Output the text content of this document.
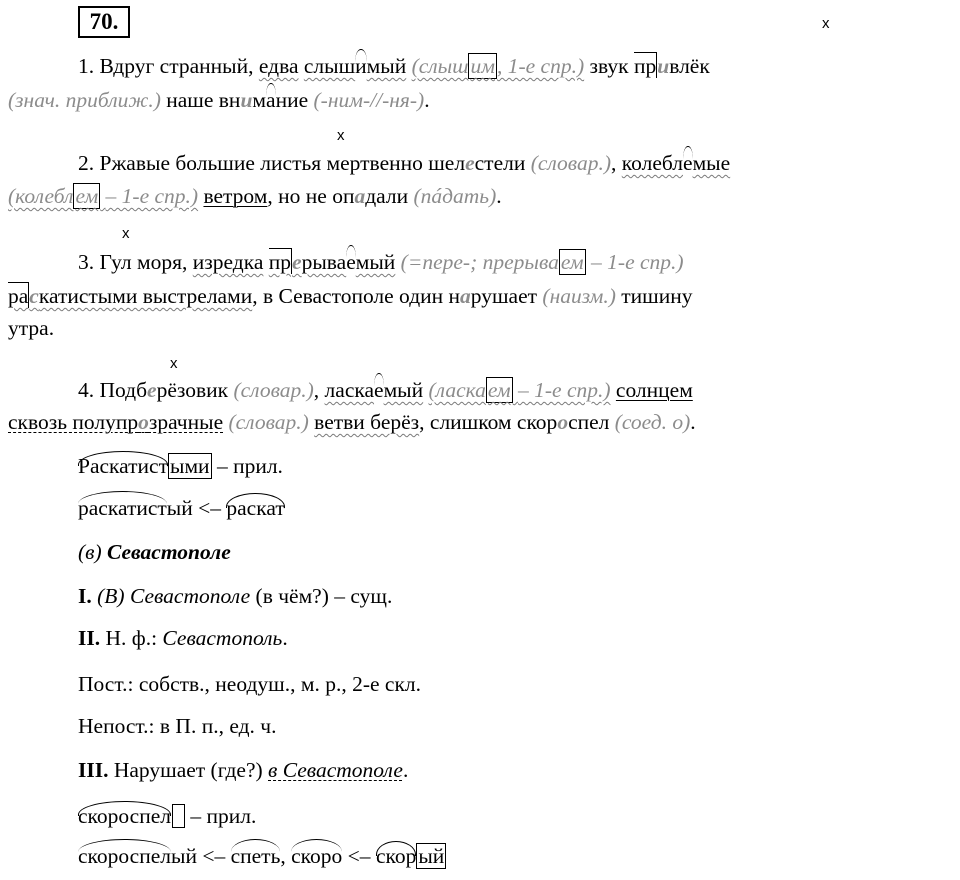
70.	x
1. Вдруг странный, едва слышимый (слышим, 1-е спр.) звук привлёк
(знач. приближ.) наше внимание (-ним-//-ня-).
x
2. Ржавые большие листья мертвенно шелестели (словар.), колеблемые
(колеблем – 1-е спр.) ветром, но не опадали (пáдать).
x
3. Гул моря, изредка прерываемый (=пере-; прерываем – 1-е спр.)
раскатистыми выстрелами, в Севастополе один нарушает (наизм.) тишину
утра.
x
4. Подберёзовик (словар.), ласкаемый (ласкаем – 1-е спр.) солнцем
сквозь полупрозрачные (словар.) ветви берёз, слишком скороспел (соед. о).
Раскатистыми – прил.
раскатистый <– раскат
(в) Севастополе
I. (В) Севастополе (в чём?) – сущ.
II. Н. ф.: Севастополь.
Пост.: собств., неодуш., м. р., 2-е скл.
Непост.: в П. п., ед. ч.
III. Нарушает (где?) в Севастополе.
скороспел – прил.
скороспелый <– спеть, скоро <– скорый
